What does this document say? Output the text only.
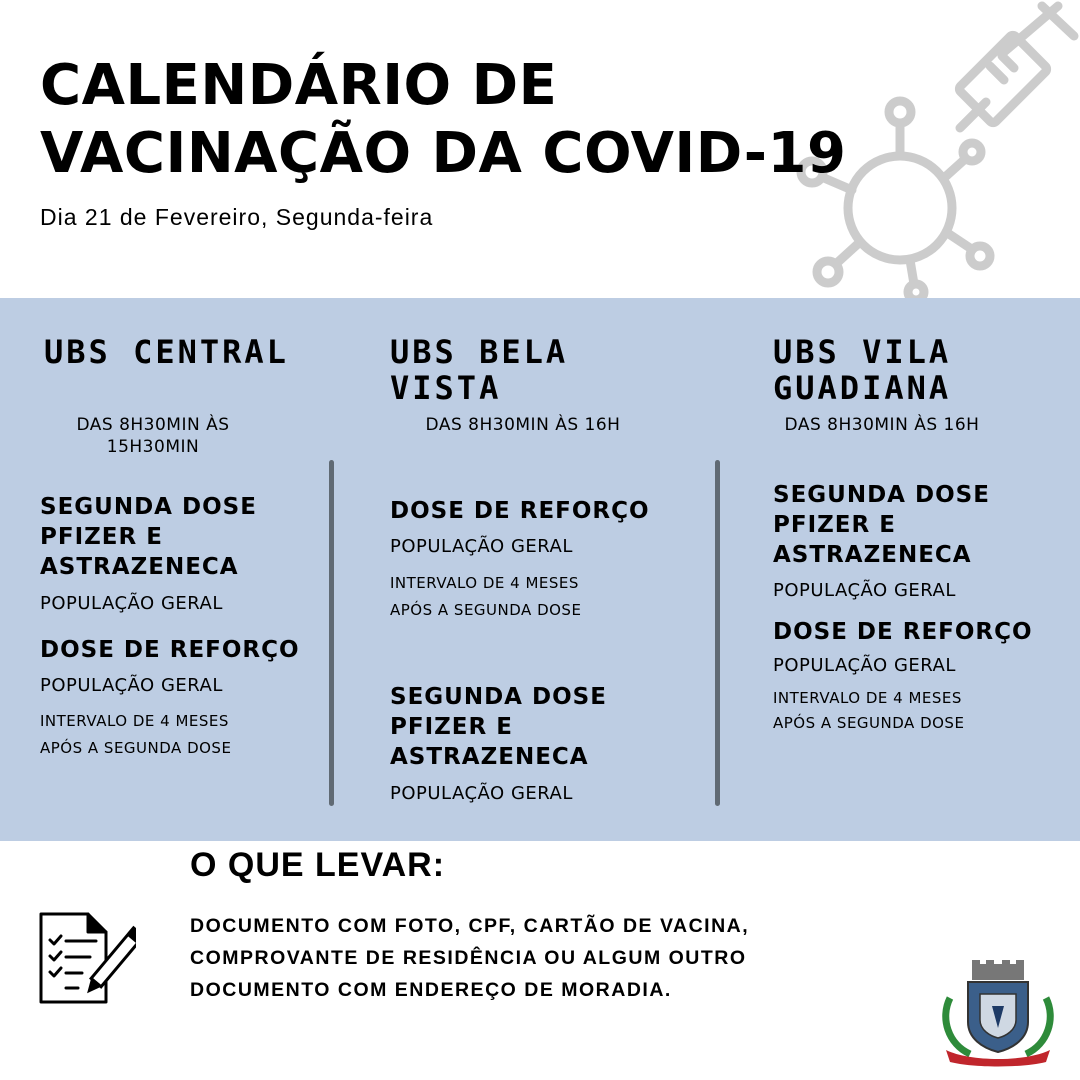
CALENDÁRIO DE
VACINAÇÃO DA COVID-19
Dia 21 de Fevereiro, Segunda-feira
UBS CENTRAL
DAS 8H30MIN ÀS 15H30MIN
SEGUNDA DOSE PFIZER E ASTRAZENECA
POPULAÇÃO GERAL
DOSE DE REFORÇO
POPULAÇÃO GERAL
INTERVALO DE 4 MESES APÓS A SEGUNDA DOSE
UBS BELA VISTA
DAS 8H30MIN ÀS 16H
DOSE DE REFORÇO
POPULAÇÃO GERAL
INTERVALO DE 4 MESES APÓS A SEGUNDA DOSE
SEGUNDA DOSE PFIZER E ASTRAZENECA
POPULAÇÃO GERAL
UBS VILA GUADIANA
DAS 8H30MIN ÀS 16H
SEGUNDA DOSE PFIZER E ASTRAZENECA
POPULAÇÃO GERAL
DOSE DE REFORÇO
POPULAÇÃO GERAL
INTERVALO DE 4 MESES APÓS A SEGUNDA DOSE
O QUE LEVAR:
DOCUMENTO COM FOTO, CPF, CARTÃO DE VACINA, COMPROVANTE DE RESIDÊNCIA OU ALGUM OUTRO DOCUMENTO COM ENDEREÇO DE MORADIA.
